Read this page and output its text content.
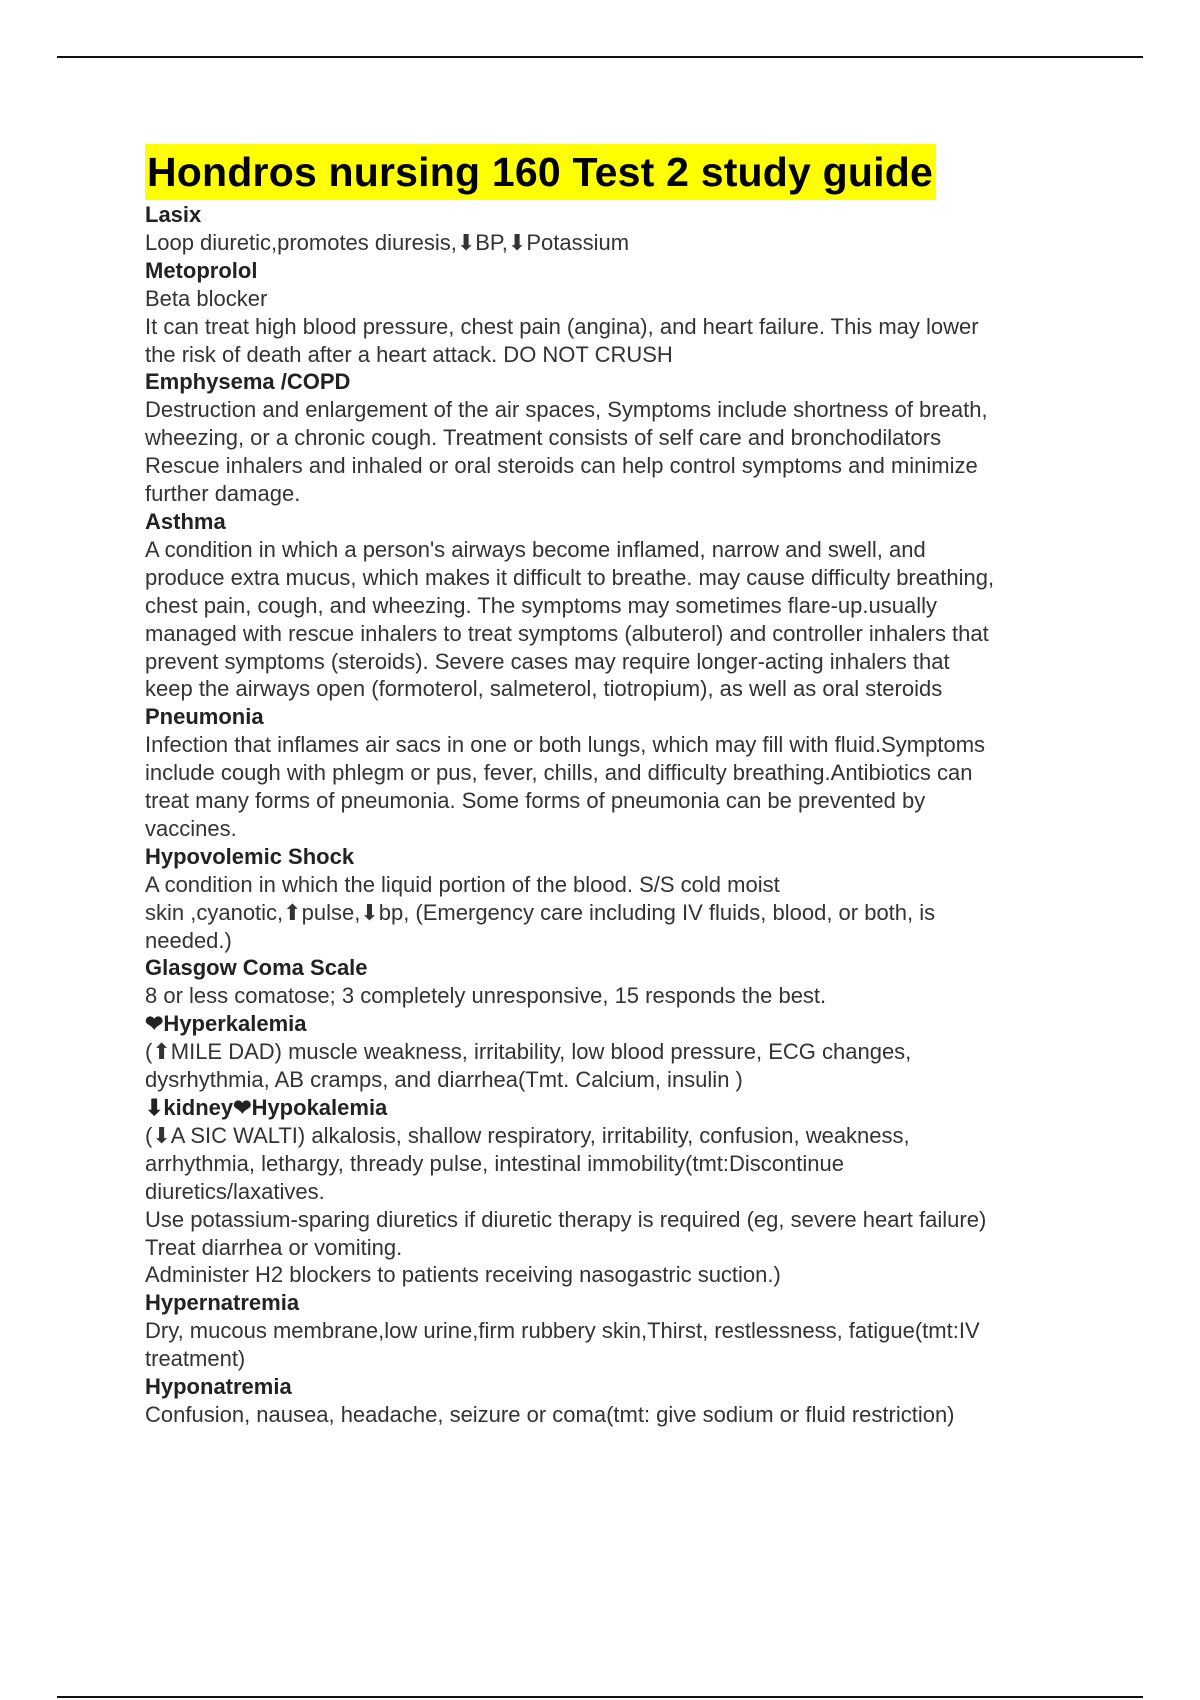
Hondros nursing 160 Test 2 study guide
Lasix
Loop diuretic,promotes diuresis,⬇BP,⬇Potassium
Metoprolol
Beta blocker
It can treat high blood pressure, chest pain (angina), and heart failure. This may lower
the risk of death after a heart attack. DO NOT CRUSH
Emphysema /COPD
Destruction and enlargement of the air spaces, Symptoms include shortness of breath,
wheezing, or a chronic cough. Treatment consists of self care and bronchodilators
Rescue inhalers and inhaled or oral steroids can help control symptoms and minimize
further damage.
Asthma
A condition in which a person's airways become inflamed, narrow and swell, and
produce extra mucus, which makes it difficult to breathe. may cause difficulty breathing,
chest pain, cough, and wheezing. The symptoms may sometimes flare-up.usually
managed with rescue inhalers to treat symptoms (albuterol) and controller inhalers that
prevent symptoms (steroids). Severe cases may require longer-acting inhalers that
keep the airways open (formoterol, salmeterol, tiotropium), as well as oral steroids
Pneumonia
Infection that inflames air sacs in one or both lungs, which may fill with fluid.Symptoms
include cough with phlegm or pus, fever, chills, and difficulty breathing.Antibiotics can
treat many forms of pneumonia. Some forms of pneumonia can be prevented by
vaccines.
Hypovolemic Shock
A condition in which the liquid portion of the blood. S/S cold moist
skin ,cyanotic,⬆pulse,⬇bp, (Emergency care including IV fluids, blood, or both, is
needed.)
Glasgow Coma Scale
8 or less comatose; 3 completely unresponsive, 15 responds the best.
❤Hyperkalemia
(⬆MILE DAD) muscle weakness, irritability, low blood pressure, ECG changes,
dysrhythmia, AB cramps, and diarrhea(Tmt. Calcium, insulin )
⬇kidney❤Hypokalemia
(⬇A SIC WALTI) alkalosis, shallow respiratory, irritability, confusion, weakness,
arrhythmia, lethargy, thready pulse, intestinal immobility(tmt:Discontinue
diuretics/laxatives.
Use potassium-sparing diuretics if diuretic therapy is required (eg, severe heart failure)
Treat diarrhea or vomiting.
Administer H2 blockers to patients receiving nasogastric suction.)
Hypernatremia
Dry, mucous membrane,low urine,firm rubbery skin,Thirst, restlessness, fatigue(tmt:IV
treatment)
Hyponatremia
Confusion, nausea, headache, seizure or coma(tmt: give sodium or fluid restriction)
